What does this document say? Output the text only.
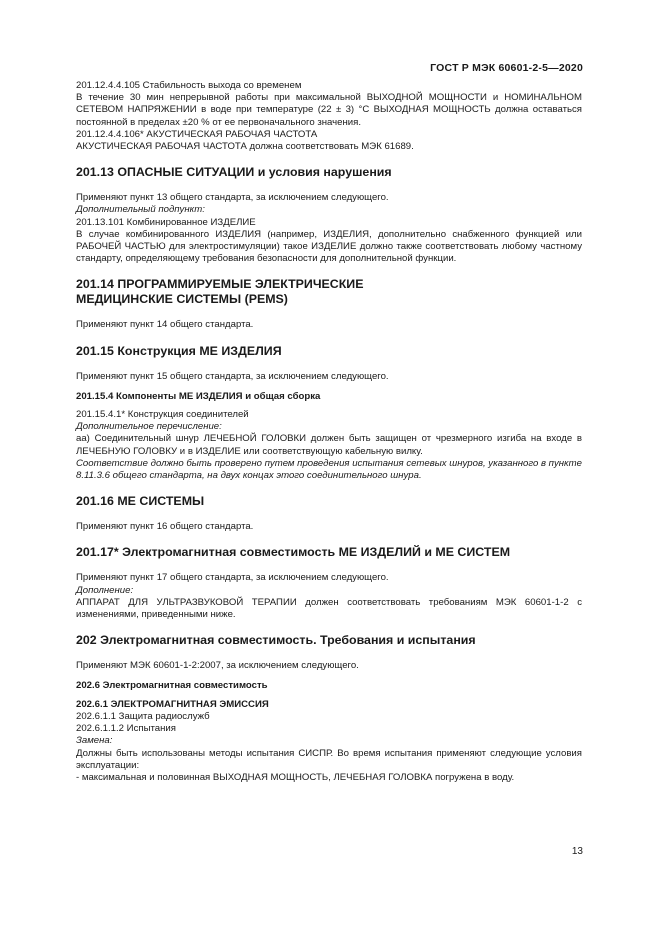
ГОСТ Р МЭК 60601-2-5—2020

201.12.4.4.105 Стабильность выхода со временем

В течение 30 мин непрерывной работы при максимальной ВЫХОДНОЙ МОЩНОСТИ и НОМИНАЛЬНОМ СЕТЕВОМ НАПРЯЖЕНИИ в воде при температуре (22 ± 3) °С ВЫХОДНАЯ МОЩНОСТЬ должна оставаться постоянной в пределах ±20 % от ее первоначального значения.

201.12.4.4.106* АКУСТИЧЕСКАЯ РАБОЧАЯ ЧАСТОТА

АКУСТИЧЕСКАЯ РАБОЧАЯ ЧАСТОТА должна соответствовать МЭК 61689.

201.13 ОПАСНЫЕ СИТУАЦИИ и условия нарушения

Применяют пункт 13 общего стандарта, за исключением следующего.

Дополнительный подпункт:

201.13.101 Комбинированное ИЗДЕЛИЕ

В случае комбинированного ИЗДЕЛИЯ (например, ИЗДЕЛИЯ, дополнительно снабженного функцией или РАБОЧЕЙ ЧАСТЬЮ для электростимуляции) такое ИЗДЕЛИЕ должно также соответствовать любому частному стандарту, определяющему требования безопасности для дополнительной функции.

201.14 ПРОГРАММИРУЕМЫЕ ЭЛЕКТРИЧЕСКИЕ
МЕДИЦИНСКИЕ СИСТЕМЫ (PEMS)

Применяют пункт 14 общего стандарта.

201.15 Конструкция МЕ ИЗДЕЛИЯ

Применяют пункт 15 общего стандарта, за исключением следующего.

201.15.4 Компоненты МЕ ИЗДЕЛИЯ и общая сборка

201.15.4.1* Конструкция соединителей

Дополнительное перечисление:

аа) Соединительный шнур ЛЕЧЕБНОЙ ГОЛОВКИ должен быть защищен от чрезмерного изгиба на входе в ЛЕЧЕБНУЮ ГОЛОВКУ и в ИЗДЕЛИЕ или соответствующую кабельную вилку.

Соответствие должно быть проверено путем проведения испытания сетевых шнуров, указанного в пункте 8.11.3.6 общего стандарта, на двух концах этого соединительного шнура.

201.16 МЕ СИСТЕМЫ

Применяют пункт 16 общего стандарта.

201.17* Электромагнитная совместимость МЕ ИЗДЕЛИЙ и МЕ СИСТЕМ

Применяют пункт 17 общего стандарта, за исключением следующего.

Дополнение:

АППАРАТ ДЛЯ УЛЬТРАЗВУКОВОЙ ТЕРАПИИ должен соответствовать требованиям МЭК 60601-1-2 с изменениями, приведенными ниже.

202 Электромагнитная совместимость. Требования и испытания

Применяют МЭК 60601-1-2:2007, за исключением следующего.

202.6 Электромагнитная совместимость

202.6.1 ЭЛЕКТРОМАГНИТНАЯ ЭМИССИЯ

202.6.1.1 Защита радиослужб

202.6.1.1.2 Испытания

Замена:

Должны быть использованы методы испытания СИСПР. Во время испытания применяют следующие условия эксплуатации:

- максимальная и половинная ВЫХОДНАЯ МОЩНОСТЬ, ЛЕЧЕБНАЯ ГОЛОВКА погружена в воду.

13
